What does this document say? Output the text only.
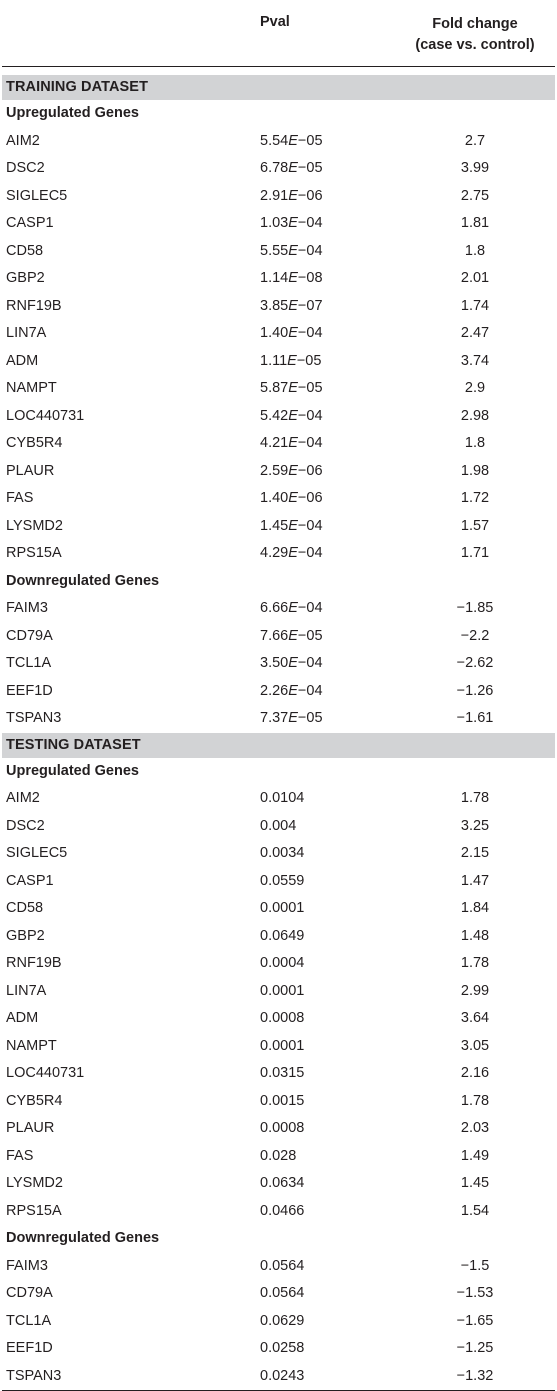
Pval	Fold change
(case vs. control)
TRAINING DATASET
Upregulated Genes
AIM2	5.54E−05	2.7
DSC2	6.78E−05	3.99
SIGLEC5	2.91E−06	2.75
CASP1	1.03E−04	1.81
CD58	5.55E−04	1.8
GBP2	1.14E−08	2.01
RNF19B	3.85E−07	1.74
LIN7A	1.40E−04	2.47
ADM	1.11E−05	3.74
NAMPT	5.87E−05	2.9
LOC440731	5.42E−04	2.98
CYB5R4	4.21E−04	1.8
PLAUR	2.59E−06	1.98
FAS	1.40E−06	1.72
LYSMD2	1.45E−04	1.57
RPS15A	4.29E−04	1.71
Downregulated Genes
FAIM3	6.66E−04	−1.85
CD79A	7.66E−05	−2.2
TCL1A	3.50E−04	−2.62
EEF1D	2.26E−04	−1.26
TSPAN3	7.37E−05	−1.61
TESTING DATASET
Upregulated Genes
AIM2	0.0104	1.78
DSC2	0.004	3.25
SIGLEC5	0.0034	2.15
CASP1	0.0559	1.47
CD58	0.0001	1.84
GBP2	0.0649	1.48
RNF19B	0.0004	1.78
LIN7A	0.0001	2.99
ADM	0.0008	3.64
NAMPT	0.0001	3.05
LOC440731	0.0315	2.16
CYB5R4	0.0015	1.78
PLAUR	0.0008	2.03
FAS	0.028	1.49
LYSMD2	0.0634	1.45
RPS15A	0.0466	1.54
Downregulated Genes
FAIM3	0.0564	−1.5
CD79A	0.0564	−1.53
TCL1A	0.0629	−1.65
EEF1D	0.0258	−1.25
TSPAN3	0.0243	−1.32
